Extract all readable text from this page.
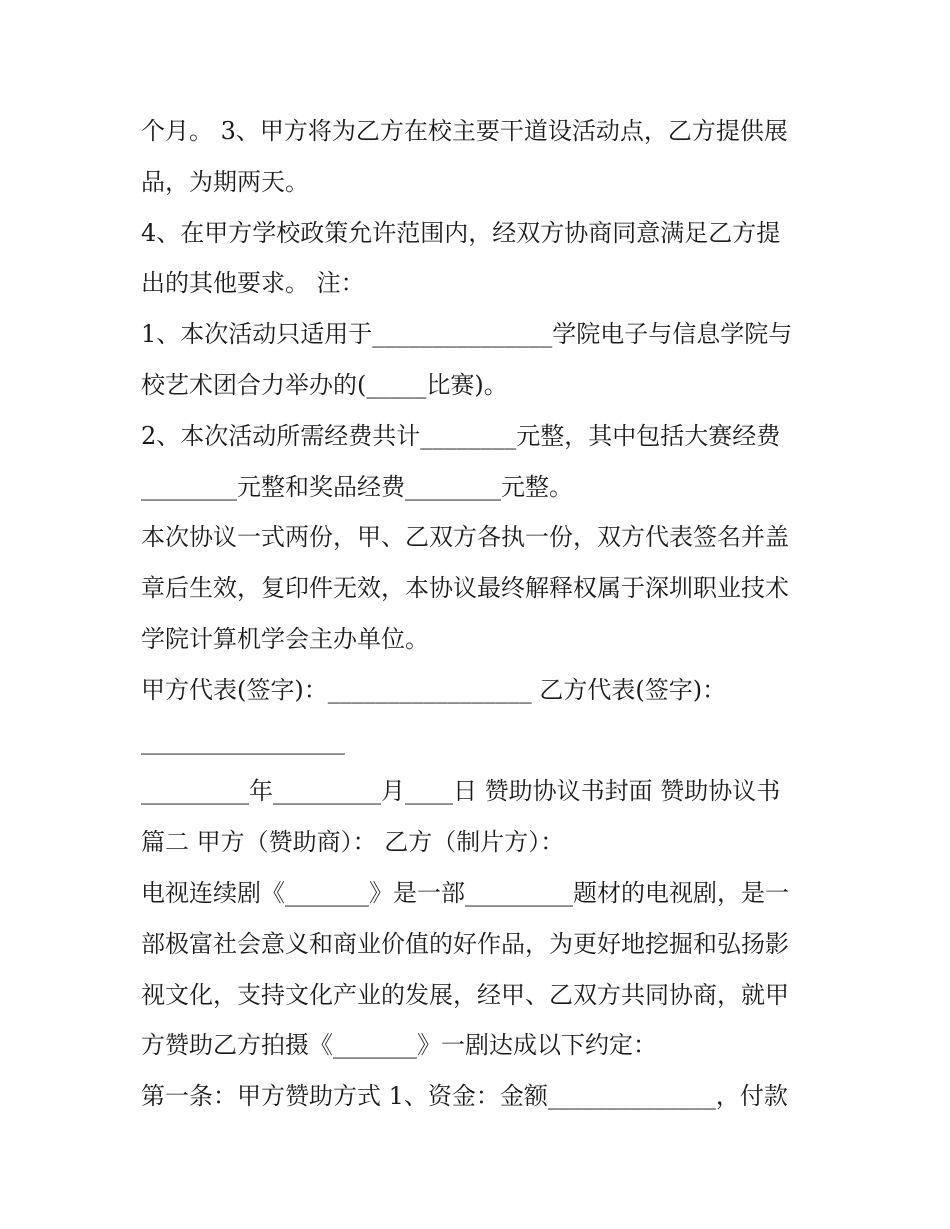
个月。 3、甲方将为乙方在校主要干道设活动点，乙方提供展
品，为期两天。
4、在甲方学校政策允许范围内，经双方协商同意满足乙方提
出的其他要求。 注：
1、本次活动只适用于_______________学院电子与信息学院与
校艺术团合力举办的(_____比赛)。
2、本次活动所需经费共计________元整，其中包括大赛经费
________元整和奖品经费________元整。
本次协议一式两份，甲、乙双方各执一份，双方代表签名并盖
章后生效，复印件无效，本协议最终解释权属于深圳职业技术
学院计算机学会主办单位。
甲方代表(签字)：_________________ 乙方代表(签字)：
_________________
_________年_________月____日 赞助协议书封面 赞助协议书
篇二 甲方（赞助商）： 乙方（制片方）：
电视连续剧《_______》是一部_________题材的电视剧，是一
部极富社会意义和商业价值的好作品，为更好地挖掘和弘扬影
视文化，支持文化产业的发展，经甲、乙双方共同协商，就甲
方赞助乙方拍摄《_______》一剧达成以下约定：
第一条：甲方赞助方式 1、资金：金额______________，付款
